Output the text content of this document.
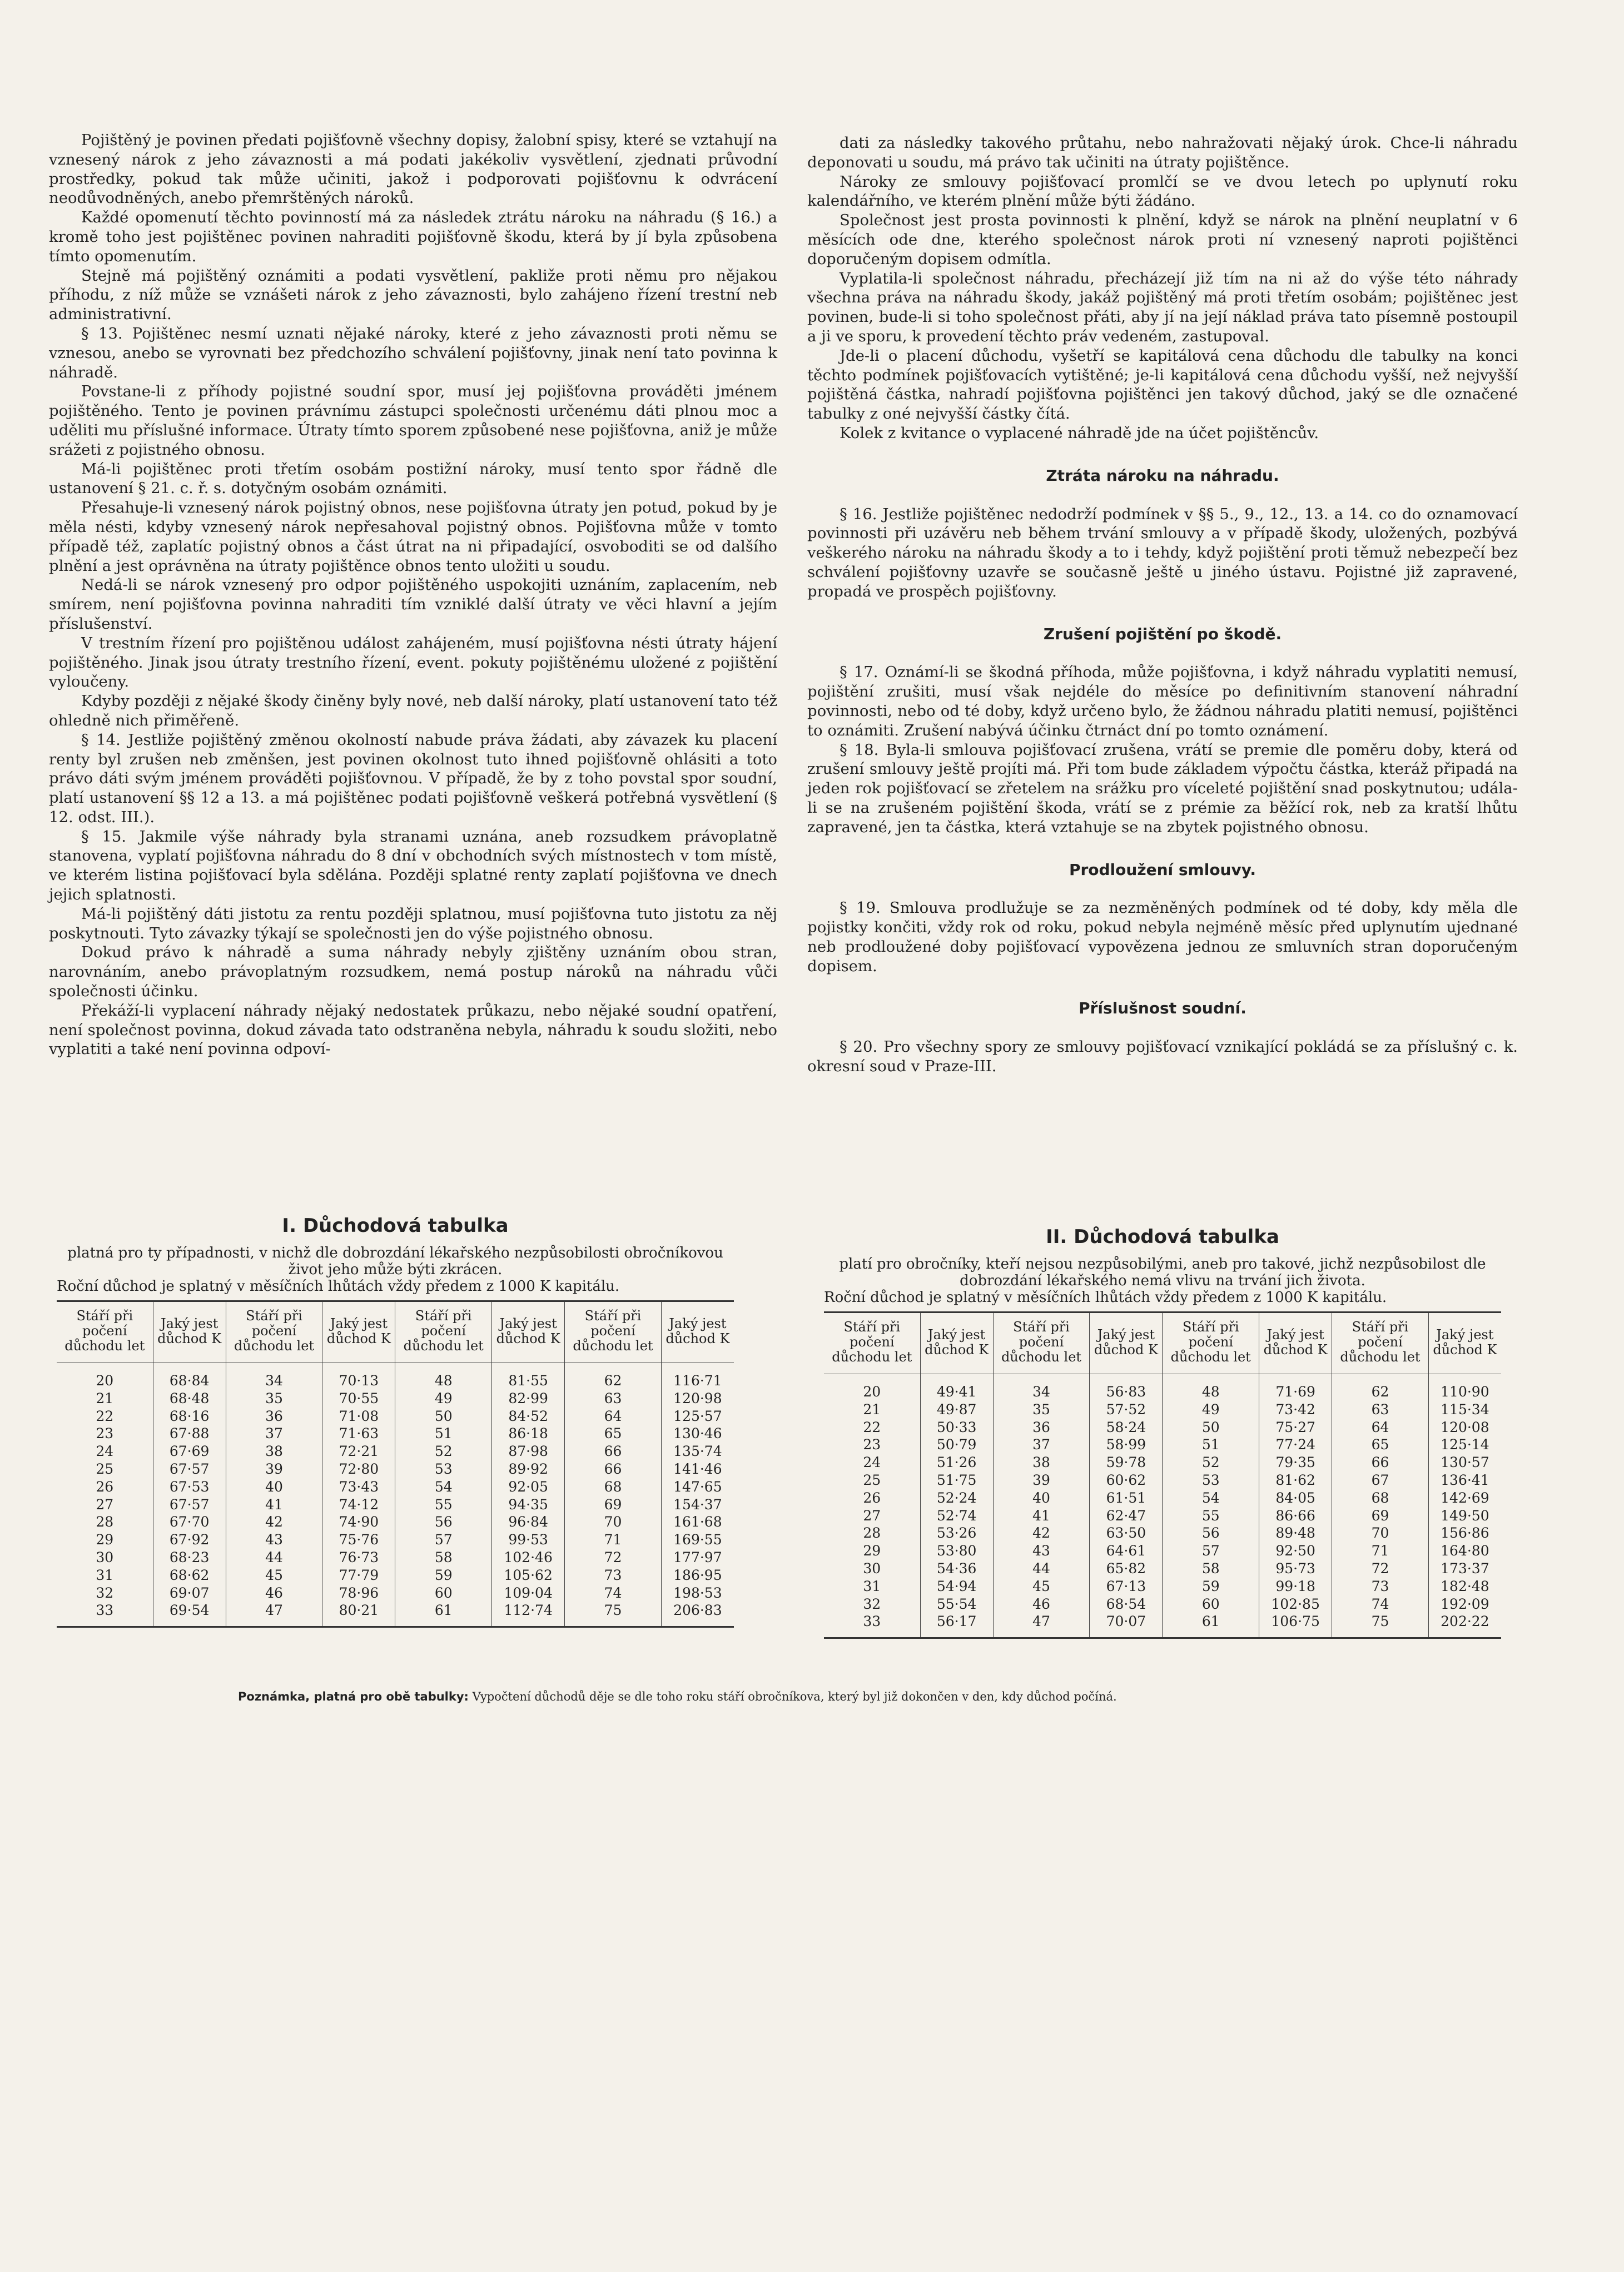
Pojištěný je povinen předati pojišťovně všechny dopisy, žalobní spisy, které se vztahují na vznesený nárok z jeho závaznosti a má podati jakékoliv vysvětlení, zjednati průvodní prostředky, pokud tak může učiniti, jakož i podporovati pojišťovnu k odvrácení neodůvodněných, anebo přemrštěných nároků.

Každé opomenutí těchto povinností má za následek ztrátu nároku na náhradu (§ 16.) a kromě toho jest pojištěnec povinen nahraditi pojišťovně škodu, která by jí byla způsobena tímto opomenutím.

Stejně má pojištěný oznámiti a podati vysvětlení, pakliže proti němu pro nějakou příhodu, z níž může se vznášeti nárok z jeho závaznosti, bylo zahájeno řízení trestní neb administrativní.

§ 13. Pojištěnec nesmí uznati nějaké nároky, které z jeho závaznosti proti němu se vznesou, anebo se vyrovnati bez předchozího schválení pojišťovny, jinak není tato povinna k náhradě.

Povstane-li z příhody pojistné soudní spor, musí jej pojišťovna prováděti jménem pojištěného. Tento je povinen právnímu zástupci společnosti určenému dáti plnou moc a uděliti mu příslušné informace. Útraty tímto sporem způsobené nese pojišťovna, aniž je může srážeti z pojistného obnosu.

Má-li pojištěnec proti třetím osobám postižní nároky, musí tento spor řádně dle ustanovení § 21. c. ř. s. dotyčným osobám oznámiti.

Přesahuje-li vznesený nárok pojistný obnos, nese pojišťovna útraty jen potud, pokud by je měla nésti, kdyby vznesený nárok nepřesahoval pojistný obnos. Pojišťovna může v tomto případě též, zaplatíc pojistný obnos a část útrat na ni připadající, osvoboditi se od dalšího plnění a jest oprávněna na útraty pojištěnce obnos tento uložiti u soudu.

Nedá-li se nárok vznesený pro odpor pojištěného uspokojiti uznáním, zaplacením, neb smírem, není pojišťovna povinna nahraditi tím vzniklé další útraty ve věci hlavní a jejím příslušenství.

V trestním řízení pro pojištěnou událost zahájeném, musí pojišťovna nésti útraty hájení pojištěného. Jinak jsou útraty trestního řízení, event. pokuty pojištěnému uložené z pojištění vyloučeny.

Kdyby později z nějaké škody činěny byly nové, neb další nároky, platí ustanovení tato též ohledně nich přiměřeně.

§ 14. Jestliže pojištěný změnou okolností nabude práva žádati, aby závazek ku placení renty byl zrušen neb změnšen, jest povinen okolnost tuto ihned pojišťovně ohlásiti a toto právo dáti svým jménem prováděti pojišťovnou. V případě, že by z toho povstal spor soudní, platí ustanovení §§ 12 a 13. a má pojištěnec podati pojišťovně veškerá potřebná vysvětlení (§ 12. odst. III.).

§ 15. Jakmile výše náhrady byla stranami uznána, aneb rozsudkem právoplatně stanovena, vyplatí pojišťovna náhradu do 8 dní v obchodních svých místnostech v tom místě, ve kterém listina pojišťovací byla sdělána. Později splatné renty zaplatí pojišťovna ve dnech jejich splatnosti.

Má-li pojištěný dáti jistotu za rentu později splatnou, musí pojišťovna tuto jistotu za něj poskytnouti. Tyto závazky týkají se společnosti jen do výše pojistného obnosu.

Dokud právo k náhradě a suma náhrady nebyly zjištěny uznáním obou stran, narovnáním, anebo právoplatným rozsudkem, nemá postup nároků na náhradu vůči společnosti účinku.

Překáží-li vyplacení náhrady nějaký nedostatek průkazu, nebo nějaké soudní opatření, není společnost povinna, dokud závada tato odstraněna nebyla, náhradu k soudu složiti, nebo vyplatiti a také není povinna odpoví-

dati za následky takového průtahu, nebo nahražovati nějaký úrok. Chce-li náhradu deponovati u soudu, má právo tak učiniti na útraty pojištěnce.

Nároky ze smlouvy pojišťovací promlčí se ve dvou letech po uplynutí roku kalendářního, ve kterém plnění může býti žádáno.

Společnost jest prosta povinnosti k plnění, když se nárok na plnění neuplatní v 6 měsících ode dne, kterého společnost nárok proti ní vznesený naproti pojištěnci doporučeným dopisem odmítla.

Vyplatila-li společnost náhradu, přecházejí již tím na ni až do výše této náhrady všechna práva na náhradu škody, jakáž pojištěný má proti třetím osobám; pojištěnec jest povinen, bude-li si toho společnost přáti, aby jí na její náklad práva tato písemně postoupil a ji ve sporu, k provedení těchto práv vedeném, zastupoval.

Jde-li o placení důchodu, vyšetří se kapitálová cena důchodu dle tabulky na konci těchto podmínek pojišťovacích vytištěné; je-li kapitálová cena důchodu vyšší, než nejvyšší pojištěná částka, nahradí pojišťovna pojištěnci jen takový důchod, jaký se dle označené tabulky z oné nejvyšší částky čítá.

Kolek z kvitance o vyplacené náhradě jde na účet pojištěncův.

Ztráta nároku na náhradu.

§ 16. Jestliže pojištěnec nedodrží podmínek v §§ 5., 9., 12., 13. a 14. co do oznamovací povinnosti při uzávěru neb během trvání smlouvy a v případě škody, uložených, pozbývá veškerého nároku na náhradu škody a to i tehdy, když pojištění proti těmuž nebezpečí bez schválení pojišťovny uzavře se současně ještě u jiného ústavu. Pojistné již zapravené, propadá ve prospěch pojišťovny.

Zrušení pojištění po škodě.

§ 17. Oznámí-li se škodná příhoda, může pojišťovna, i když náhradu vyplatiti nemusí, pojištění zrušiti, musí však nejdéle do měsíce po definitivním stanovení náhradní povinnosti, nebo od té doby, když určeno bylo, že žádnou náhradu platiti nemusí, pojištěnci to oznámiti. Zrušení nabývá účinku čtrnáct dní po tomto oznámení.

§ 18. Byla-li smlouva pojišťovací zrušena, vrátí se premie dle poměru doby, která od zrušení smlouvy ještě projíti má. Při tom bude základem výpočtu částka, kteráž připadá na jeden rok pojišťovací se zřetelem na srážku pro víceleté pojištění snad poskytnutou; udála-li se na zrušeném pojištění škoda, vrátí se z prémie za běžící rok, neb za kratší lhůtu zapravené, jen ta částka, která vztahuje se na zbytek pojistného obnosu.

Prodloužení smlouvy.

§ 19. Smlouva prodlužuje se za nezměněných podmínek od té doby, kdy měla dle pojistky končiti, vždy rok od roku, pokud nebyla nejméně měsíc před uplynutím ujednané neb prodloužené doby pojišťovací vypovězena jednou ze smluvních stran doporučeným dopisem.

Příslušnost soudní.

§ 20. Pro všechny spory ze smlouvy pojišťovací vznikající pokládá se za příslušný c. k. okresní soud v Praze-III.

I. Důchodová tabulka

platná pro ty případnosti, v nichž dle dobrozdání lékařského nezpůsobilosti obročníkovou život jeho může býti zkrácen.

Roční důchod je splatný v měsíčních lhůtách vždy předem z 1000 K kapitálu.

Stáří při počení důchodu let	Jaký jest důchod K	Stáří při počení důchodu let	Jaký jest důchod K	Stáří při počení důchodu let	Jaký jest důchod K	Stáří při počení důchodu let	Jaký jest důchod K
20	68·84	34	70·13	48	81·55	62	116·71
21	68·48	35	70·55	49	82·99	63	120·98
22	68·16	36	71·08	50	84·52	64	125·57
23	67·88	37	71·63	51	86·18	65	130·46
24	67·69	38	72·21	52	87·98	66	135·74
25	67·57	39	72·80	53	89·92	66	141·46
26	67·53	40	73·43	54	92·05	68	147·65
27	67·57	41	74·12	55	94·35	69	154·37
28	67·70	42	74·90	56	96·84	70	161·68
29	67·92	43	75·76	57	99·53	71	169·55
30	68·23	44	76·73	58	102·46	72	177·97
31	68·62	45	77·79	59	105·62	73	186·95
32	69·07	46	78·96	60	109·04	74	198·53
33	69·54	47	80·21	61	112·74	75	206·83
II. Důchodová tabulka

platí pro obročníky, kteří nejsou nezpůsobilými, aneb pro takové, jichž nezpůsobilost dle dobrozdání lékařského nemá vlivu na trvání jich života.

Roční důchod je splatný v měsíčních lhůtách vždy předem z 1000 K kapitálu.

Stáří při počení důchodu let	Jaký jest důchod K	Stáří při počení důchodu let	Jaký jest důchod K	Stáří při počení důchodu let	Jaký jest důchod K	Stáří při počení důchodu let	Jaký jest důchod K
20	49·41	34	56·83	48	71·69	62	110·90
21	49·87	35	57·52	49	73·42	63	115·34
22	50·33	36	58·24	50	75·27	64	120·08
23	50·79	37	58·99	51	77·24	65	125·14
24	51·26	38	59·78	52	79·35	66	130·57
25	51·75	39	60·62	53	81·62	67	136·41
26	52·24	40	61·51	54	84·05	68	142·69
27	52·74	41	62·47	55	86·66	69	149·50
28	53·26	42	63·50	56	89·48	70	156·86
29	53·80	43	64·61	57	92·50	71	164·80
30	54·36	44	65·82	58	95·73	72	173·37
31	54·94	45	67·13	59	99·18	73	182·48
32	55·54	46	68·54	60	102·85	74	192·09
33	56·17	47	70·07	61	106·75	75	202·22
Poznámka, platná pro obě tabulky: Vypočtení důchodů děje se dle toho roku stáří obročníkova, který byl již dokončen v den, kdy důchod počíná.
